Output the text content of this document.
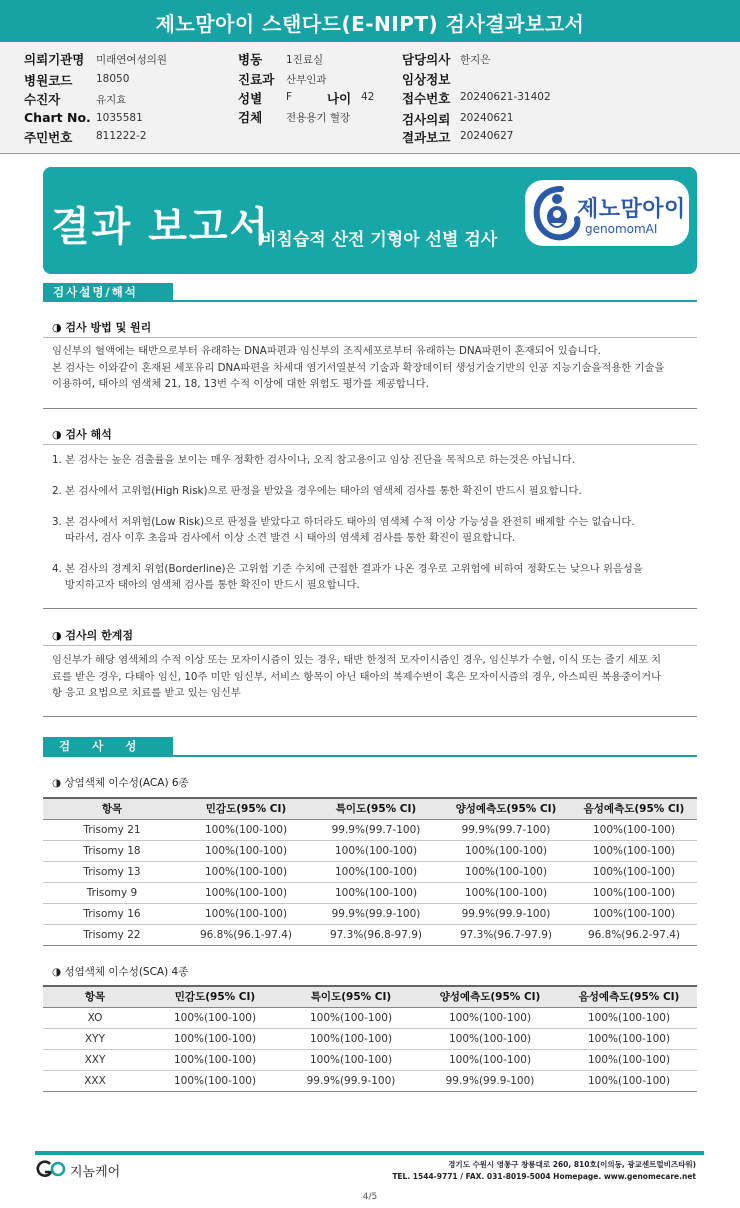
제노맘아이 스탠다드(E-NIPT) 검사결과보고서
의뢰기관명 미래연여성의원
병원코드 18050
수진자	유지효
Chart No. 1035581
주민번호 811222-2
병동 1진료실
진료과 산부인과
성별 F	나이 42
검체 전용용기 혈장
담당의사 한지은
임상정보
접수번호 20240621-31402
검사의뢰 20240621
결과보고 20240627
결과 보고서
비침습적 산전 기형아 선별 검사
제노맘아이
genomomAI
검사설명/해석
◑ 검사 방법 및 원리
임신부의 혈액에는 태반으로부터 유래하는 DNA파편과 임신부의 조직세포로부터 유래하는 DNA파편이 혼재되어 있습니다.
본 검사는 이와같이 혼재된 세포유리 DNA파편을 차세대 염기서열분석 기술과 확장데이터 생성기술기반의 인공 지능기술을적용한 기술을
이용하여, 태아의 염색체 21, 18, 13번 수적 이상에 대한 위험도 평가를 제공합니다.
◑ 검사 해석
1. 본 검사는 높은 검출률을 보이는 매우 정확한 검사이나, 오직 참고용이고 임상 진단을 목적으로 하는것은 아닙니다.
2. 본 검사에서 고위험(High Risk)으로 판정을 받았을 경우에는 태아의 염색체 검사를 통한 확진이 반드시 필요합니다.
3. 본 검사에서 저위험(Low Risk)으로 판정을 받았다고 하더라도 태아의 염색체 수적 이상 가능성을 완전히 배제할 수는 없습니다.
따라서, 검사 이후 초음파 검사에서 이상 소견 발견 시 태아의 염색체 검사를 통한 확진이 필요합니다.
4. 본 검사의 경계치 위험(Borderline)은 고위험 기준 수치에 근접한 결과가 나온 경우로 고위험에 비하여 정확도는 낮으나 위음성을
방지하고자 태아의 염색체 검사를 통한 확진이 반드시 필요합니다.
◑ 검사의 한계점
임신부가 해당 염색체의 수적 이상 또는 모자이시즘이 있는 경우, 태반 한정적 모자이시즘인 경우, 임신부가 수혈, 이식 또는 줄기 세포 치
료를 받은 경우, 다태아 임신, 10주 미만 임신부, 서비스 항목이 아닌 태아의 복제수변이 혹은 모자이시즘의 경우, 아스피린 복용중이거나
항 응고 요법으로 치료를 받고 있는 임신부
검 사 성 능
◑ 상염색체 이수성(ACA) 6종
항목	민감도(95% CI)	특이도(95% CI)	양성예측도(95% CI)	음성예측도(95% CI)
Trisomy 21	100%(100-100)	99.9%(99.7-100)	99.9%(99.7-100)	100%(100-100)
Trisomy 18	100%(100-100)	100%(100-100)	100%(100-100)	100%(100-100)
Trisomy 13	100%(100-100)	100%(100-100)	100%(100-100)	100%(100-100)
Trisomy 9	100%(100-100)	100%(100-100)	100%(100-100)	100%(100-100)
Trisomy 16	100%(100-100)	99.9%(99.9-100)	99.9%(99.9-100)	100%(100-100)
Trisomy 22	96.8%(96.1-97.4)	97.3%(96.8-97.9)	97.3%(96.7-97.9)	96.8%(96.2-97.4)
◑ 성염색체 이수성(SCA) 4종
항목	민감도(95% CI)	특이도(95% CI)	양성예측도(95% CI)	음성예측도(95% CI)
XO	100%(100-100)	100%(100-100)	100%(100-100)	100%(100-100)
XYY	100%(100-100)	100%(100-100)	100%(100-100)	100%(100-100)
XXY	100%(100-100)	100%(100-100)	100%(100-100)	100%(100-100)
XXX	100%(100-100)	99.9%(99.9-100)	99.9%(99.9-100)	100%(100-100)
지놈케어
경기도 수원시 영통구 창룡대로 260, 810호(이의동, 광교센트럴비즈타워)
TEL. 1544-9771 / FAX. 031-8019-5004 Homepage. www.genomecare.net
4/5
